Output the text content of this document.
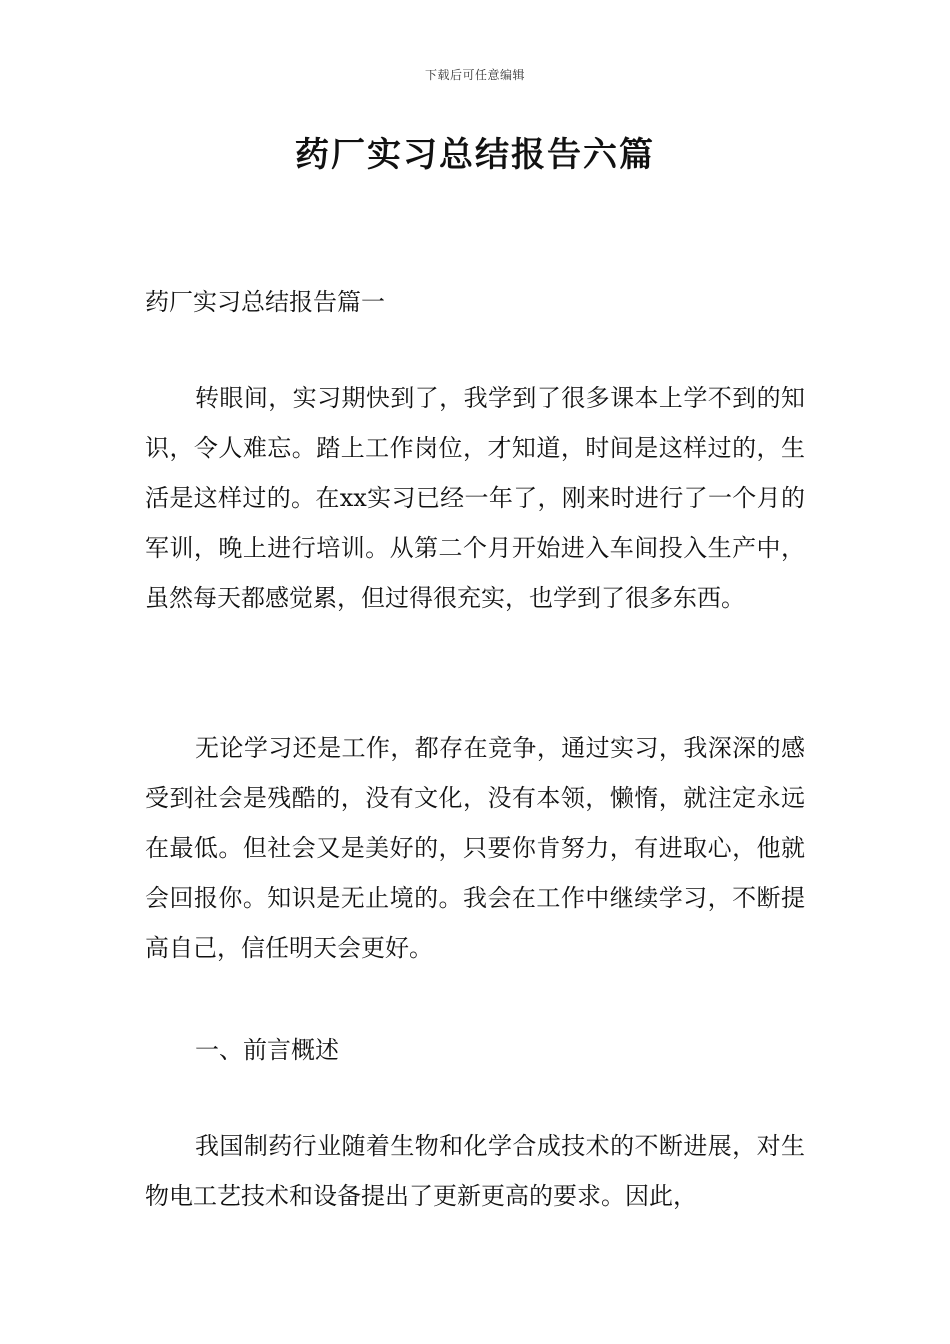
下载后可任意编辑
药厂实习总结报告六篇
药厂实习总结报告篇一

转眼间，实习期快到了，我学到了很多课本上学不到的知识，令人难忘。踏上工作岗位，才知道，时间是这样过的，生活是这样过的。在xx实习已经一年了，刚来时进行了一个月的军训，晚上进行培训。从第二个月开始进入车间投入生产中，虽然每天都感觉累，但过得很充实，也学到了很多东西。

无论学习还是工作，都存在竞争，通过实习，我深深的感受到社会是残酷的，没有文化，没有本领，懒惰，就注定永远在最低。但社会又是美好的，只要你肯努力，有进取心，他就会回报你。知识是无止境的。我会在工作中继续学习，不断提高自己，信任明天会更好。

一、前言概述

我国制药行业随着生物和化学合成技术的不断进展，对生物电工艺技术和设备提出了更新更高的要求。因此，
